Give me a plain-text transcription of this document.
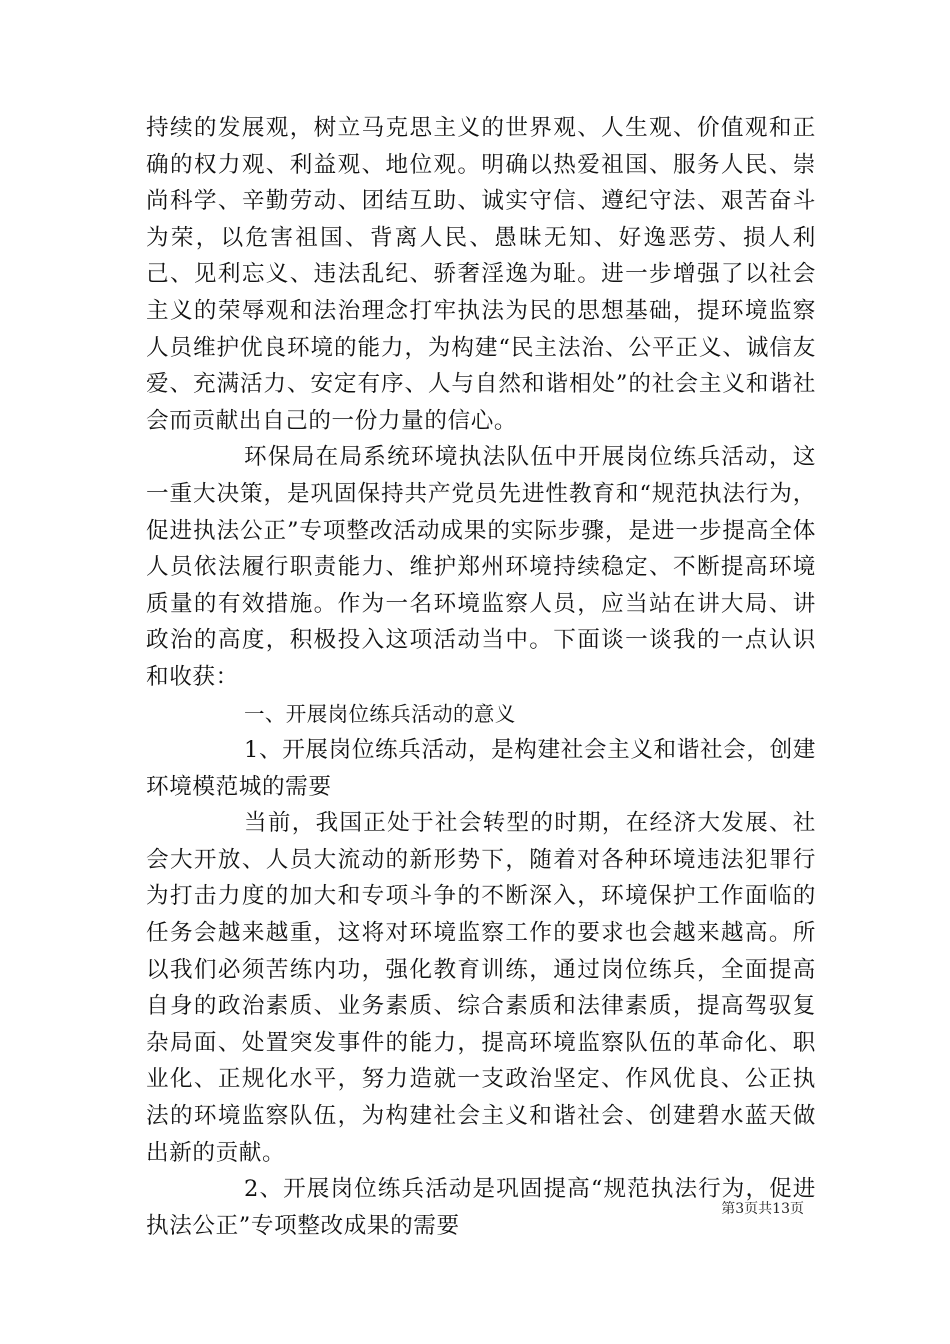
持续的发展观，树立马克思主义的世界观、人生观、价值观和正确的权力观、利益观、地位观。明确以热爱祖国、服务人民、崇尚科学、辛勤劳动、团结互助、诚实守信、遵纪守法、艰苦奋斗为荣，以危害祖国、背离人民、愚昧无知、好逸恶劳、损人利己、见利忘义、违法乱纪、骄奢淫逸为耻。进一步增强了以社会主义的荣辱观和法治理念打牢执法为民的思想基础，提环境监察人员维护优良环境的能力，为构建“民主法治、公平正义、诚信友爱、充满活力、安定有序、人与自然和谐相处”的社会主义和谐社会而贡献出自己的一份力量的信心。

环保局在局系统环境执法队伍中开展岗位练兵活动，这一重大决策，是巩固保持共产党员先进性教育和“规范执法行为，促进执法公正”专项整改活动成果的实际步骤，是进一步提高全体人员依法履行职责能力、维护郑州环境持续稳定、不断提高环境质量的有效措施。作为一名环境监察人员，应当站在讲大局、讲政治的高度，积极投入这项活动当中。下面谈一谈我的一点认识和收获：

一、开展岗位练兵活动的意义

1、开展岗位练兵活动，是构建社会主义和谐社会，创建环境模范城的需要

当前，我国正处于社会转型的时期，在经济大发展、社会大开放、人员大流动的新形势下，随着对各种环境违法犯罪行为打击力度的加大和专项斗争的不断深入，环境保护工作面临的任务会越来越重，这将对环境监察工作的要求也会越来越高。所以我们必须苦练内功，强化教育训练，通过岗位练兵，全面提高自身的政治素质、业务素质、综合素质和法律素质，提高驾驭复杂局面、处置突发事件的能力，提高环境监察队伍的革命化、职业化、正规化水平，努力造就一支政治坚定、作风优良、公正执法的环境监察队伍，为构建社会主义和谐社会、创建碧水蓝天做出新的贡献。

2、开展岗位练兵活动是巩固提高“规范执法行为，促进执法公正”专项整改成果的需要

第3页共13页
